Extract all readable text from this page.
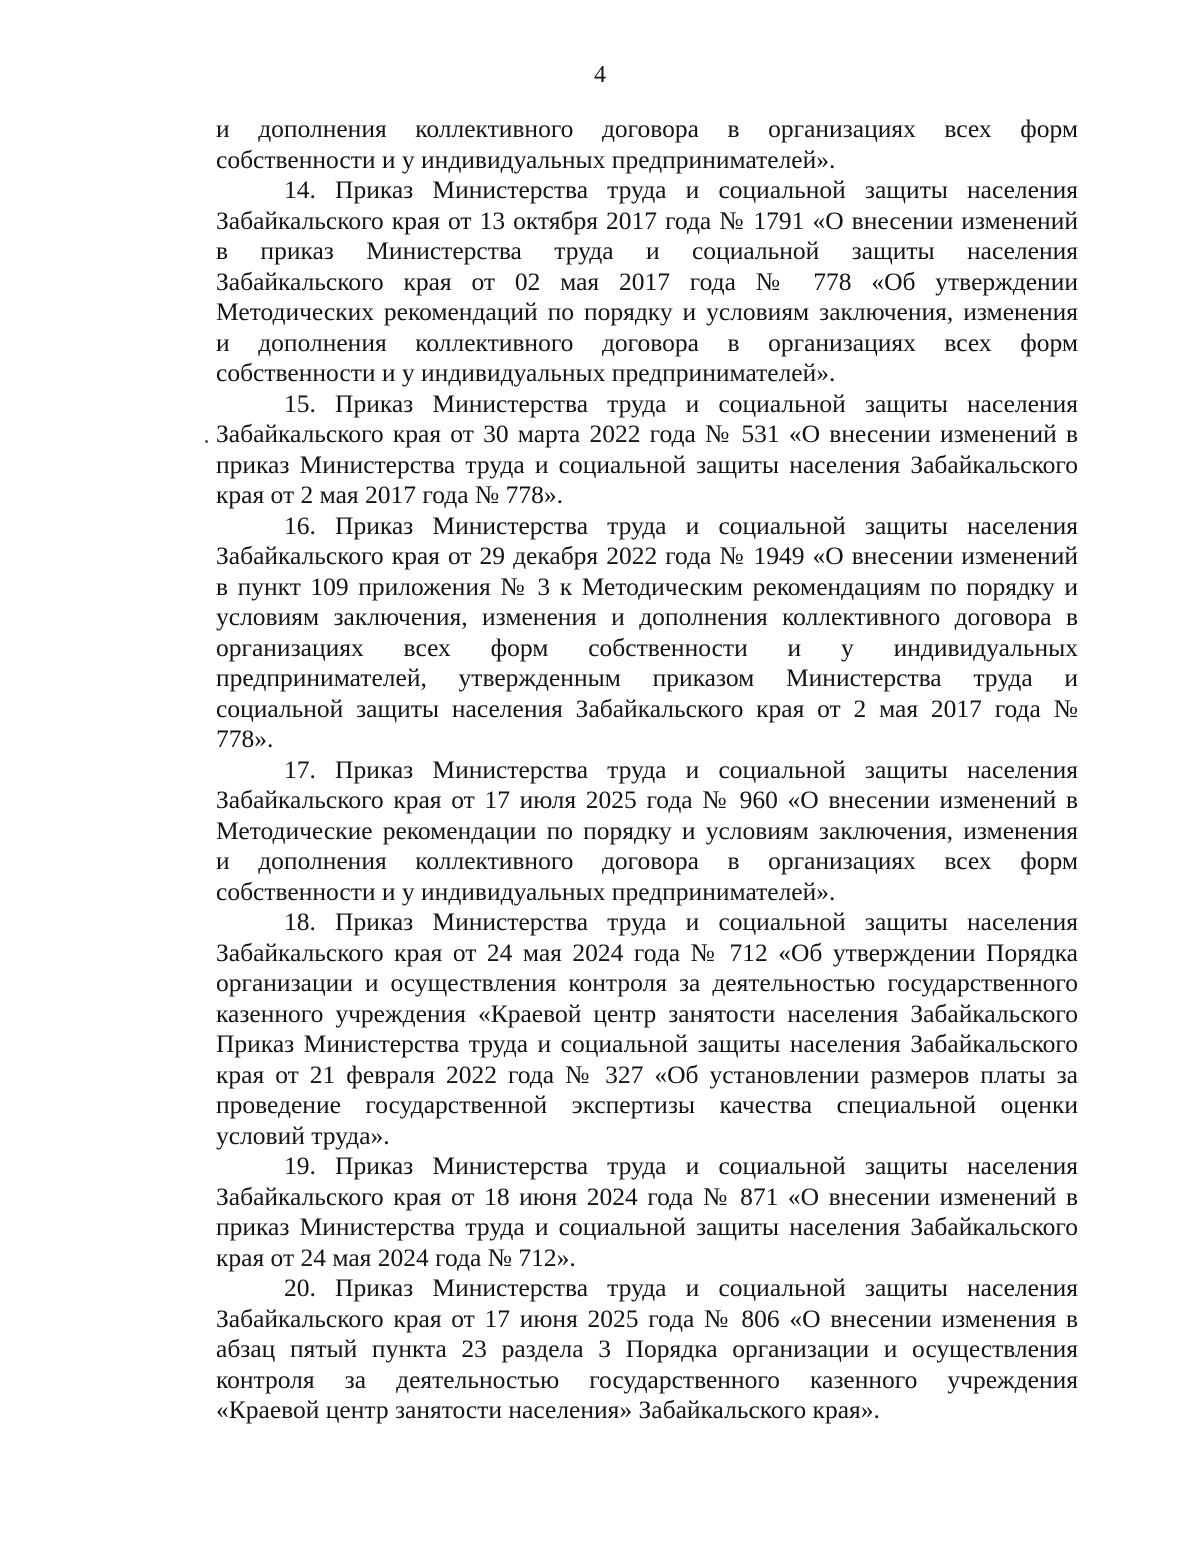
4
и дополнения коллективного договора в организациях всех форм
собственности и у индивидуальных предпринимателей».
14. Приказ Министерства труда и социальной защиты населения
Забайкальского края от 13 октября 2017 года № 1791 «О внесении изменений
в приказ Министерства труда и социальной защиты населения
Забайкальского края от 02 мая 2017 года № 778 «Об утверждении
Методических рекомендаций по порядку и условиям заключения, изменения
и дополнения коллективного договора в организациях всех форм
собственности и у индивидуальных предпринимателей».
15. Приказ Министерства труда и социальной защиты населения
Забайкальского края от 30 марта 2022 года № 531 «О внесении изменений в
приказ Министерства труда и социальной защиты населения Забайкальского
края от 2 мая 2017 года № 778».
16. Приказ Министерства труда и социальной защиты населения
Забайкальского края от 29 декабря 2022 года № 1949 «О внесении изменений
в пункт 109 приложения № 3 к Методическим рекомендациям по порядку и
условиям заключения, изменения и дополнения коллективного договора в
организациях всех форм собственности и у индивидуальных
предпринимателей, утвержденным приказом Министерства труда и
социальной защиты населения Забайкальского края от 2 мая 2017 года №
778».
17. Приказ Министерства труда и социальной защиты населения
Забайкальского края от 17 июля 2025 года № 960 «О внесении изменений в
Методические рекомендации по порядку и условиям заключения, изменения
и дополнения коллективного договора в организациях всех форм
собственности и у индивидуальных предпринимателей».
18. Приказ Министерства труда и социальной защиты населения
Забайкальского края от 24 мая 2024 года № 712 «Об утверждении Порядка
организации и осуществления контроля за деятельностью государственного
казенного учреждения «Краевой центр занятости населения Забайкальского
Приказ Министерства труда и социальной защиты населения Забайкальского
края от 21 февраля 2022 года № 327 «Об установлении размеров платы за
проведение государственной экспертизы качества специальной оценки
условий труда».
19. Приказ Министерства труда и социальной защиты населения
Забайкальского края от 18 июня 2024 года № 871 «О внесении изменений в
приказ Министерства труда и социальной защиты населения Забайкальского
края от 24 мая 2024 года № 712».
20. Приказ Министерства труда и социальной защиты населения
Забайкальского края от 17 июня 2025 года № 806 «О внесении изменения в
абзац пятый пункта 23 раздела 3 Порядка организации и осуществления
контроля за деятельностью государственного казенного учреждения
«Краевой центр занятости населения» Забайкальского края».
